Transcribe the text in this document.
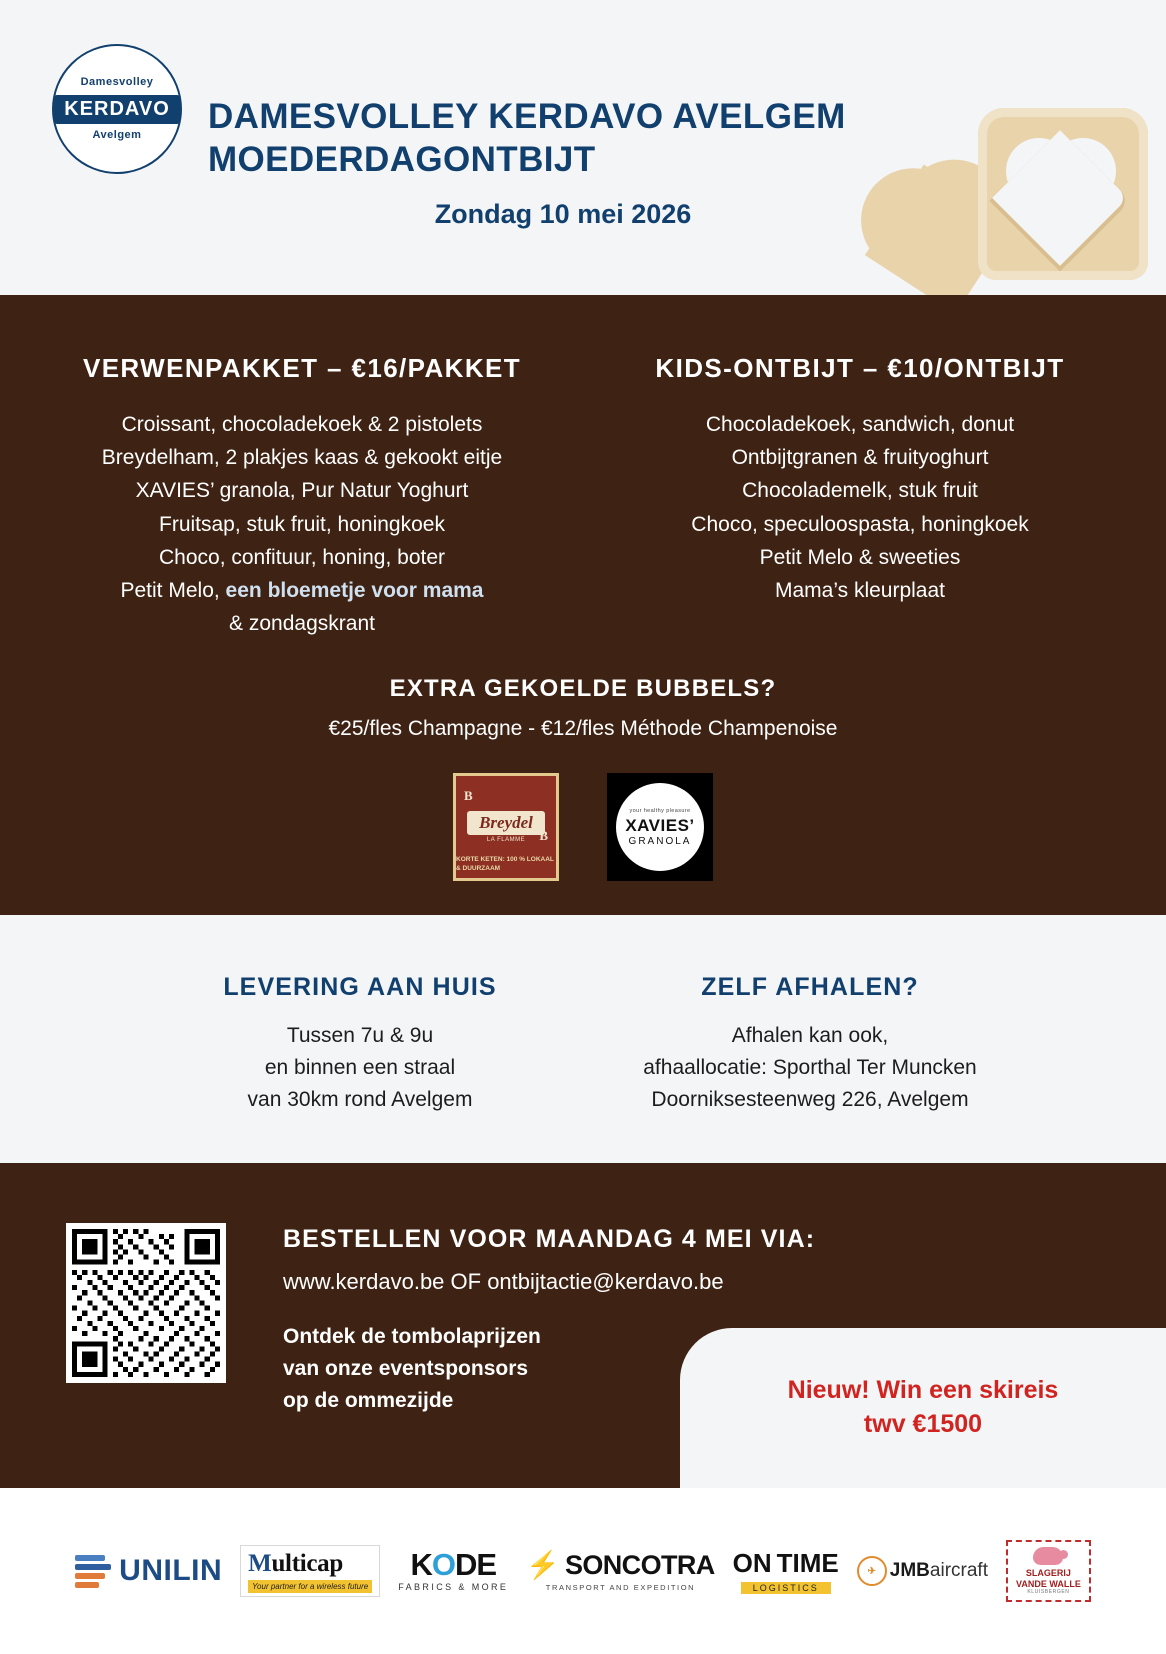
Damesvolley
KERDAVO
Avelgem DAMESVOLLEY KERDAVO AVELGEM
MOEDERDAGONTBIJT
Zondag 10 mei 2026
VERWENPAKKET – €16/PAKKET
Croissant, chocoladekoek & 2 pistolets
Breydelham, 2 plakjes kaas & gekookt eitje
XAVIES’ granola, Pur Natur Yoghurt
Fruitsap, stuk fruit, honingkoek
Choco, confituur, honing, boter
Petit Melo, een bloemetje voor mama
& zondagskrant
KIDS-ONTBIJT – €10/ONTBIJT
Chocoladekoek, sandwich, donut
Ontbijtgranen & fruityoghurt
Chocolademelk, stuk fruit
Choco, speculoospasta, honingkoek
Petit Melo & sweeties
Mama’s kleurplaat
EXTRA GEKOELDE BUBBELS?
€25/fles Champagne - €12/fles Méthode Champenoise
B
B
Breydel
LA FLAMME
KORTE KETEN: 100 % LOKAAL & DUURZAAM
your healthy pleasure
XAVIES’
GRANOLA
LEVERING AAN HUIS
Tussen 7u & 9u
en binnen een straal
van 30km rond Avelgem
ZELF AFHALEN?
Afhalen kan ook,
afhaallocatie: Sporthal Ter Muncken
Doorniksesteenweg 226, Avelgem
BESTELLEN VOOR MAANDAG 4 MEI VIA:
www.kerdavo.be OF ontbijtactie@kerdavo.be
Ontdek de tombolaprijzen
van onze eventsponsors
op de ommezijde	Nieuw! Win een skireis
twv €1500
UNILIN Multicap
Your partner for a wireless future
KODE
FABRICS & MORE
⚡ SONCOTRA
TRANSPORT AND EXPEDITION
ON TIME
LOGISTICS
✈ JMBaircraft	SLAGERIJ
VANDE WALLE
KLUISBERGEN
